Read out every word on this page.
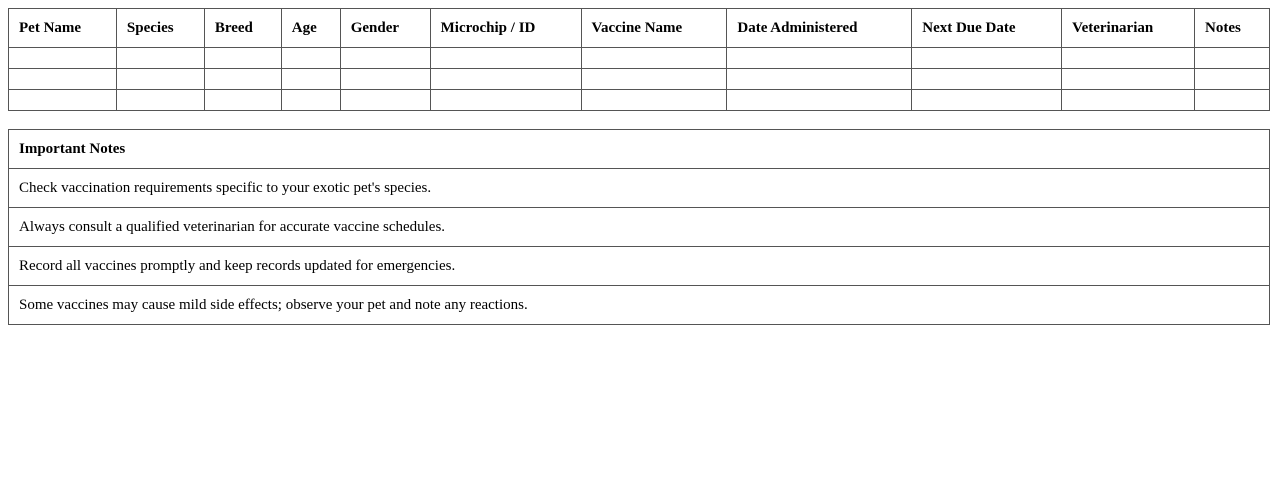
Pet Name	Species	Breed	Age	Gender	Microchip / ID	Vaccine Name	Date Administered	Next Due Date	Veterinarian	Notes

Important Notes
Check vaccination requirements specific to your exotic pet's species.
Always consult a qualified veterinarian for accurate vaccine schedules.
Record all vaccines promptly and keep records updated for emergencies.
Some vaccines may cause mild side effects; observe your pet and note any reactions.
